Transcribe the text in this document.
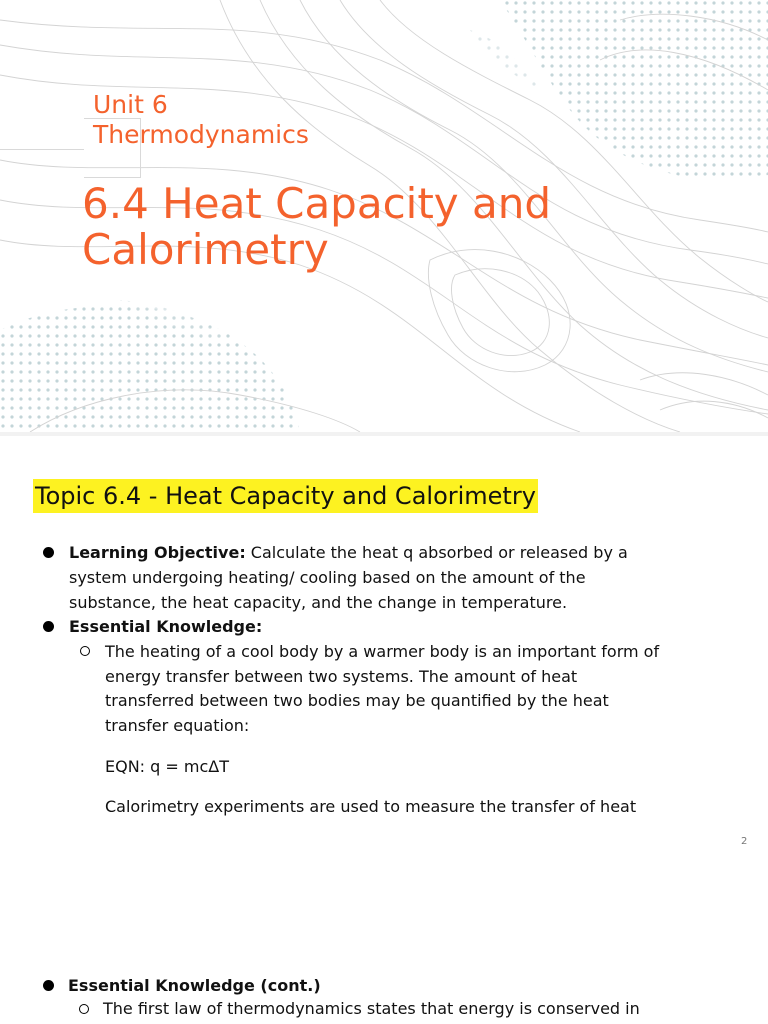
Unit 6
Thermodynamics
6.4 Heat Capacity and
Calorimetry
Topic 6.4 - Heat Capacity and Calorimetry
Learning Objective: Calculate the heat q absorbed or released by a
system undergoing heating/ cooling based on the amount of the
substance, the heat capacity, and the change in temperature.
Essential Knowledge:
The heating of a cool body by a warmer body is an important form of
energy transfer between two systems. The amount of heat
transferred between two bodies may be quantified by the heat
transfer equation:
EQN: q = mcΔT
Calorimetry experiments are used to measure the transfer of heat
2
Essential Knowledge (cont.)
The first law of thermodynamics states that energy is conserved in
